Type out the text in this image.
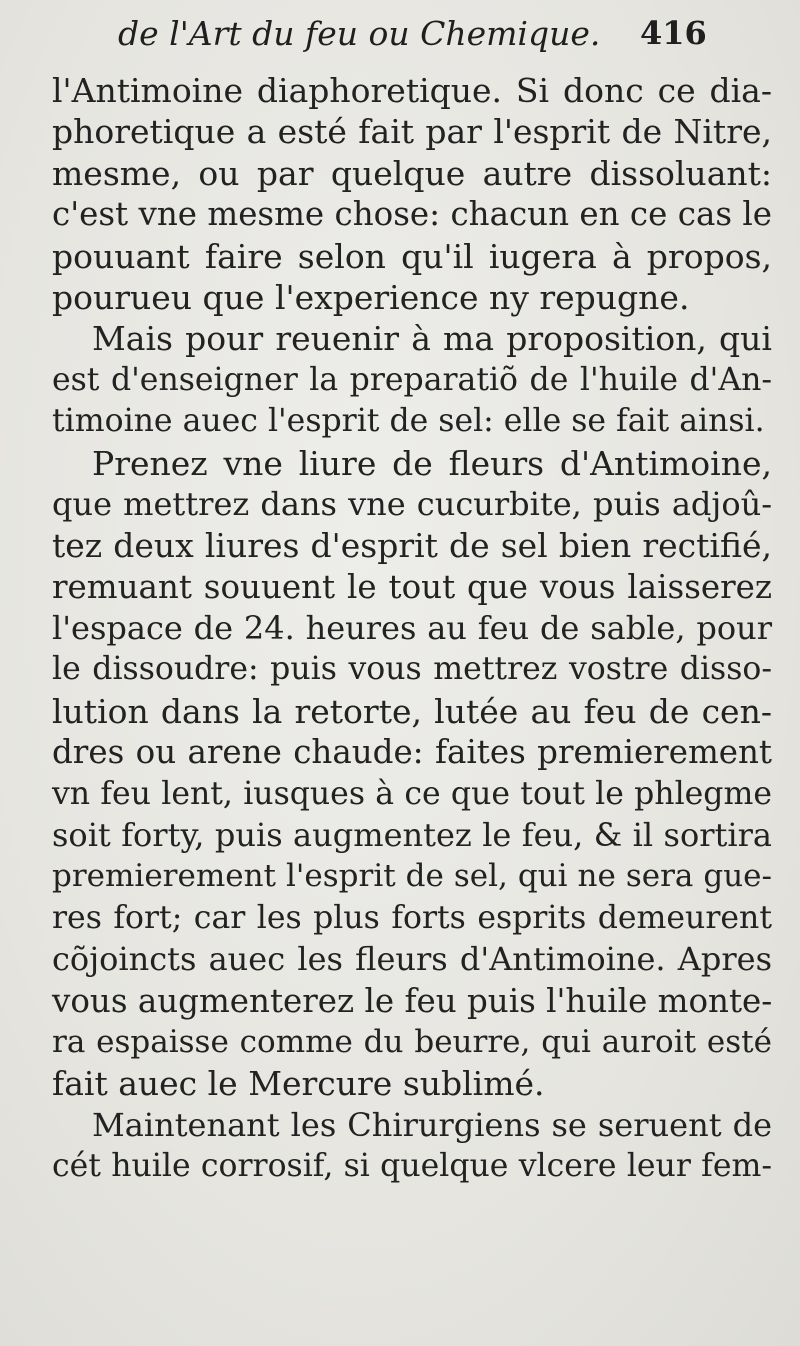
de l'Art du feu ou Chemique. 416
l'Antimoine diaphoretique. Si donc ce dia-
phoretique a esté fait par l'esprit de Nitre,
mesme, ou par quelque autre dissoluant:
c'est vne mesme chose: chacun en ce cas le
pouuant faire selon qu'il iugera à propos,
pourueu que l'experience ny repugne.
Mais pour reuenir à ma proposition, qui
est d'enseigner la preparatiõ de l'huile d'An-
timoine auec l'esprit de sel: elle se fait ainsi.
Prenez vne liure de fleurs d'Antimoine,
que mettrez dans vne cucurbite, puis adjoû-
tez deux liures d'esprit de sel bien rectifié,
remuant souuent le tout que vous laisserez
l'espace de 24. heures au feu de sable, pour
le dissoudre: puis vous mettrez vostre disso-
lution dans la retorte, lutée au feu de cen-
dres ou arene chaude: faites premierement
vn feu lent, iusques à ce que tout le phlegme
soit forty, puis augmentez le feu, & il sortira
premierement l'esprit de sel, qui ne sera gue-
res fort; car les plus forts esprits demeurent
cõjoincts auec les fleurs d'Antimoine. Apres
vous augmenterez le feu puis l'huile monte-
ra espaisse comme du beurre, qui auroit esté
fait auec le Mercure sublimé.
Maintenant les Chirurgiens se seruent de
cét huile corrosif, si quelque vlcere leur fem-
